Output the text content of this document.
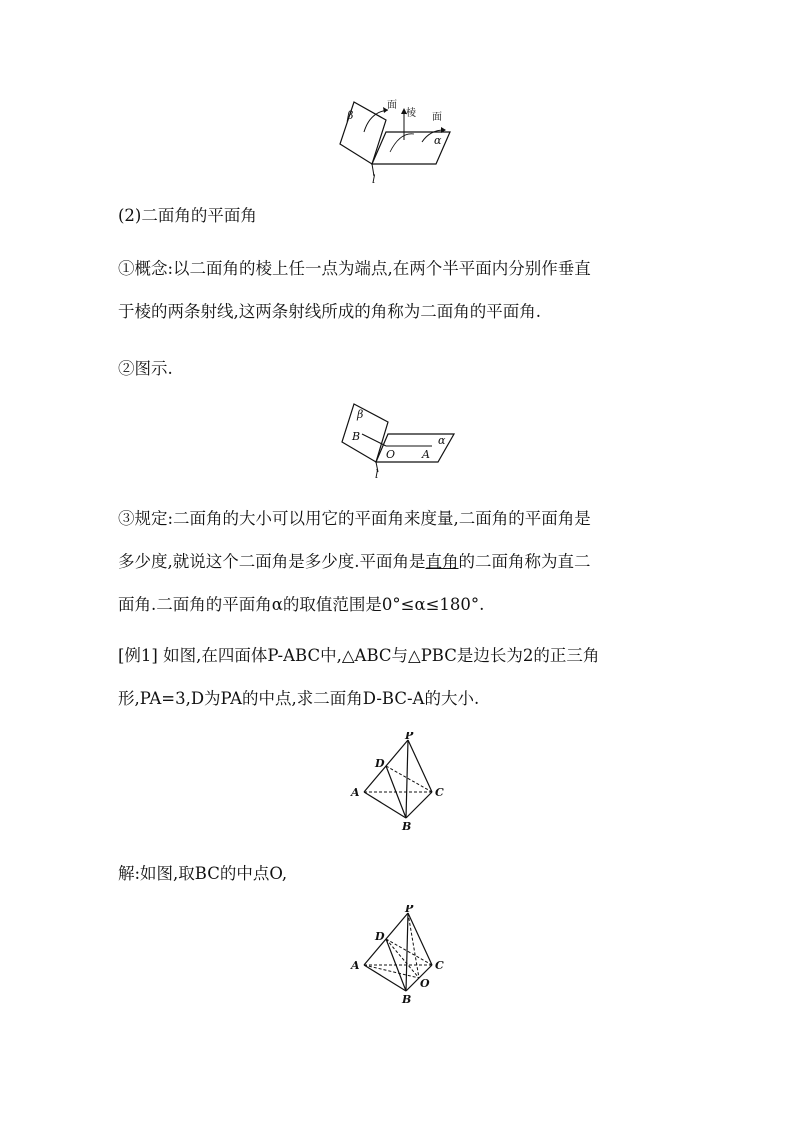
β
面
棱 面
α
l
(2)二面角的平面角
①概念:以二面角的棱上任一点为端点,在两个半平面内分别作垂直
于棱的两条射线,这两条射线所成的角称为二面角的平面角.
②图示.
β
B	α
O A
l
③规定:二面角的大小可以用它的平面角来度量,二面角的平面角是
多少度,就说这个二面角是多少度.平面角是直角的二面角称为直二
面角.二面角的平面角α的取值范围是0°≤α≤180°.
[例1] 如图,在四面体P-ABC中,△ABC与△PBC是边长为2的正三角
形,PA=3,D为PA的中点,求二面角D-BC-A的大小.
P
D
A	C
B
解:如图,取BC的中点O,
P
D
A	C
O
B
